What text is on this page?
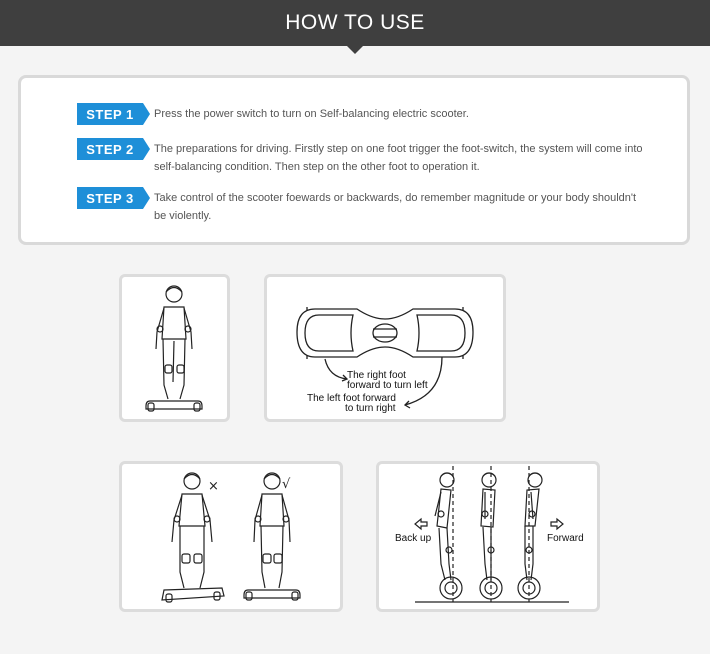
HOW TO USE
STEP 1	Press the power switch to turn on Self-balancing electric scooter.
STEP 2	The preparations for driving. Firstly step on one foot trigger the foot-switch, the system will come into self-balancing condition. Then step on the other foot to operation it.
STEP 3	Take control of the scooter foewards or backwards, do remember magnitude or your body shouldn't be violently.
The right foot
forward to turn left
The left foot forward
to turn right
×	√
Back up	Forward
